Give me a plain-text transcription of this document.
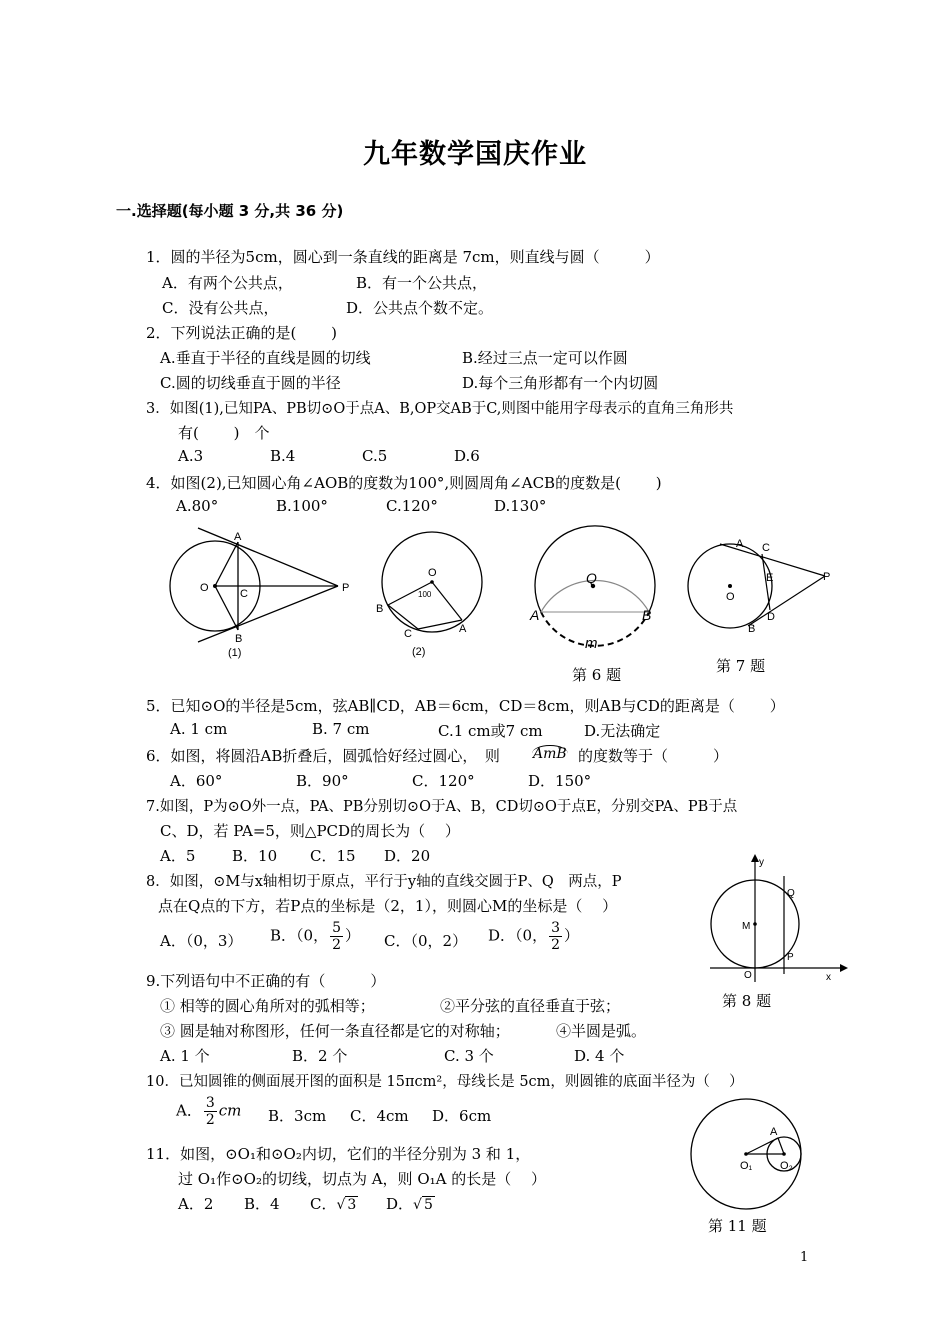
九年数学国庆作业
一.选择题(每小题 3 分,共 36 分)
1．圆的半径为5cm，圆心到一条直线的距离是 7cm，则直线与圆（　　　）
A．有两个公共点，	B．有一个公共点，
C．没有公共点，	D．公共点个数不定。
2．下列说法正确的是(　　 )
A.垂直于半径的直线是圆的切线	B.经过三点一定可以作圆
C.圆的切线垂直于圆的半径	D.每个三角形都有一个内切圆
3．如图(1),已知PA、PB切⊙O于点A、B,OP交AB于C,则图中能用字母表示的直角三角形共
有(　　 )　个
A.3	B.4	C.5	D.6
4．如图(2),已知圆心角∠AOB的度数为100°,则圆周角∠ACB的度数是(　　 )
A.80°	B.100°	C.120°	D.130°
A
O	C
B
P
(1)
O
100
B
C	A
(2)
Q
A	B
m
第 6 题
A C
E	P
O
B
D
第 7 题
5．已知⊙O的半径是5cm，弦AB∥CD，AB＝6cm，CD＝8cm，则AB与CD的距离是（　　 ）
A. 1 cm	B. 7 cm	C.1 cm或7 cm	D.无法确定
6．如图，将圆沿AB折叠后，圆弧恰好经过圆心，　则 AmB 的度数等于（　　　）
A．60°	B．90°	C．120°	D．150°
7.如图，P为⊙O外一点，PA、PB分别切⊙O于A、B，CD切⊙O于点E，分别交PA、PB于点
C、D，若 PA=5，则△PCD的周长为（　 ）
A．5 B．10 C．15 D．20
8．如图，⊙M与x轴相切于原点，平行于y轴的直线交圆于P、Q　两点，P
点在Q点的下方，若P点的坐标是（2，1），则圆心M的坐标是（　 ）
A．（0，3） B．（0， $\frac{5}{2}$ ） C．（0，2） D．（0， $\frac{3}{2}$ ）
y
Q
M
O
P
x
第 8 题
9.下列语句中不正确的有（　　　）
① 相等的圆心角所对的弧相等；	②平分弦的直径垂直于弦；
③ 圆是轴对称图形，任何一条直径都是它的对称轴；	④半圆是弧。
A. 1 个	B．2 个	C. 3 个	D. 4 个
10．已知圆锥的侧面展开图的面积是 15πcm²，母线长是 5cm，则圆锥的底面半径为（　 ）
A． $\frac{3}{2}$ cm B．3cm C．4cm D．6cm
11．如图，⊙O₁和⊙O₂内切，它们的半径分别为 3 和 1，
过 O₁作⊙O₂的切线，切点为 A，则 O₁A 的长是（　 ）
A．2 B．4 C．√ 3 D．√ 5
A
O₁	O₂
第 11 题
1
